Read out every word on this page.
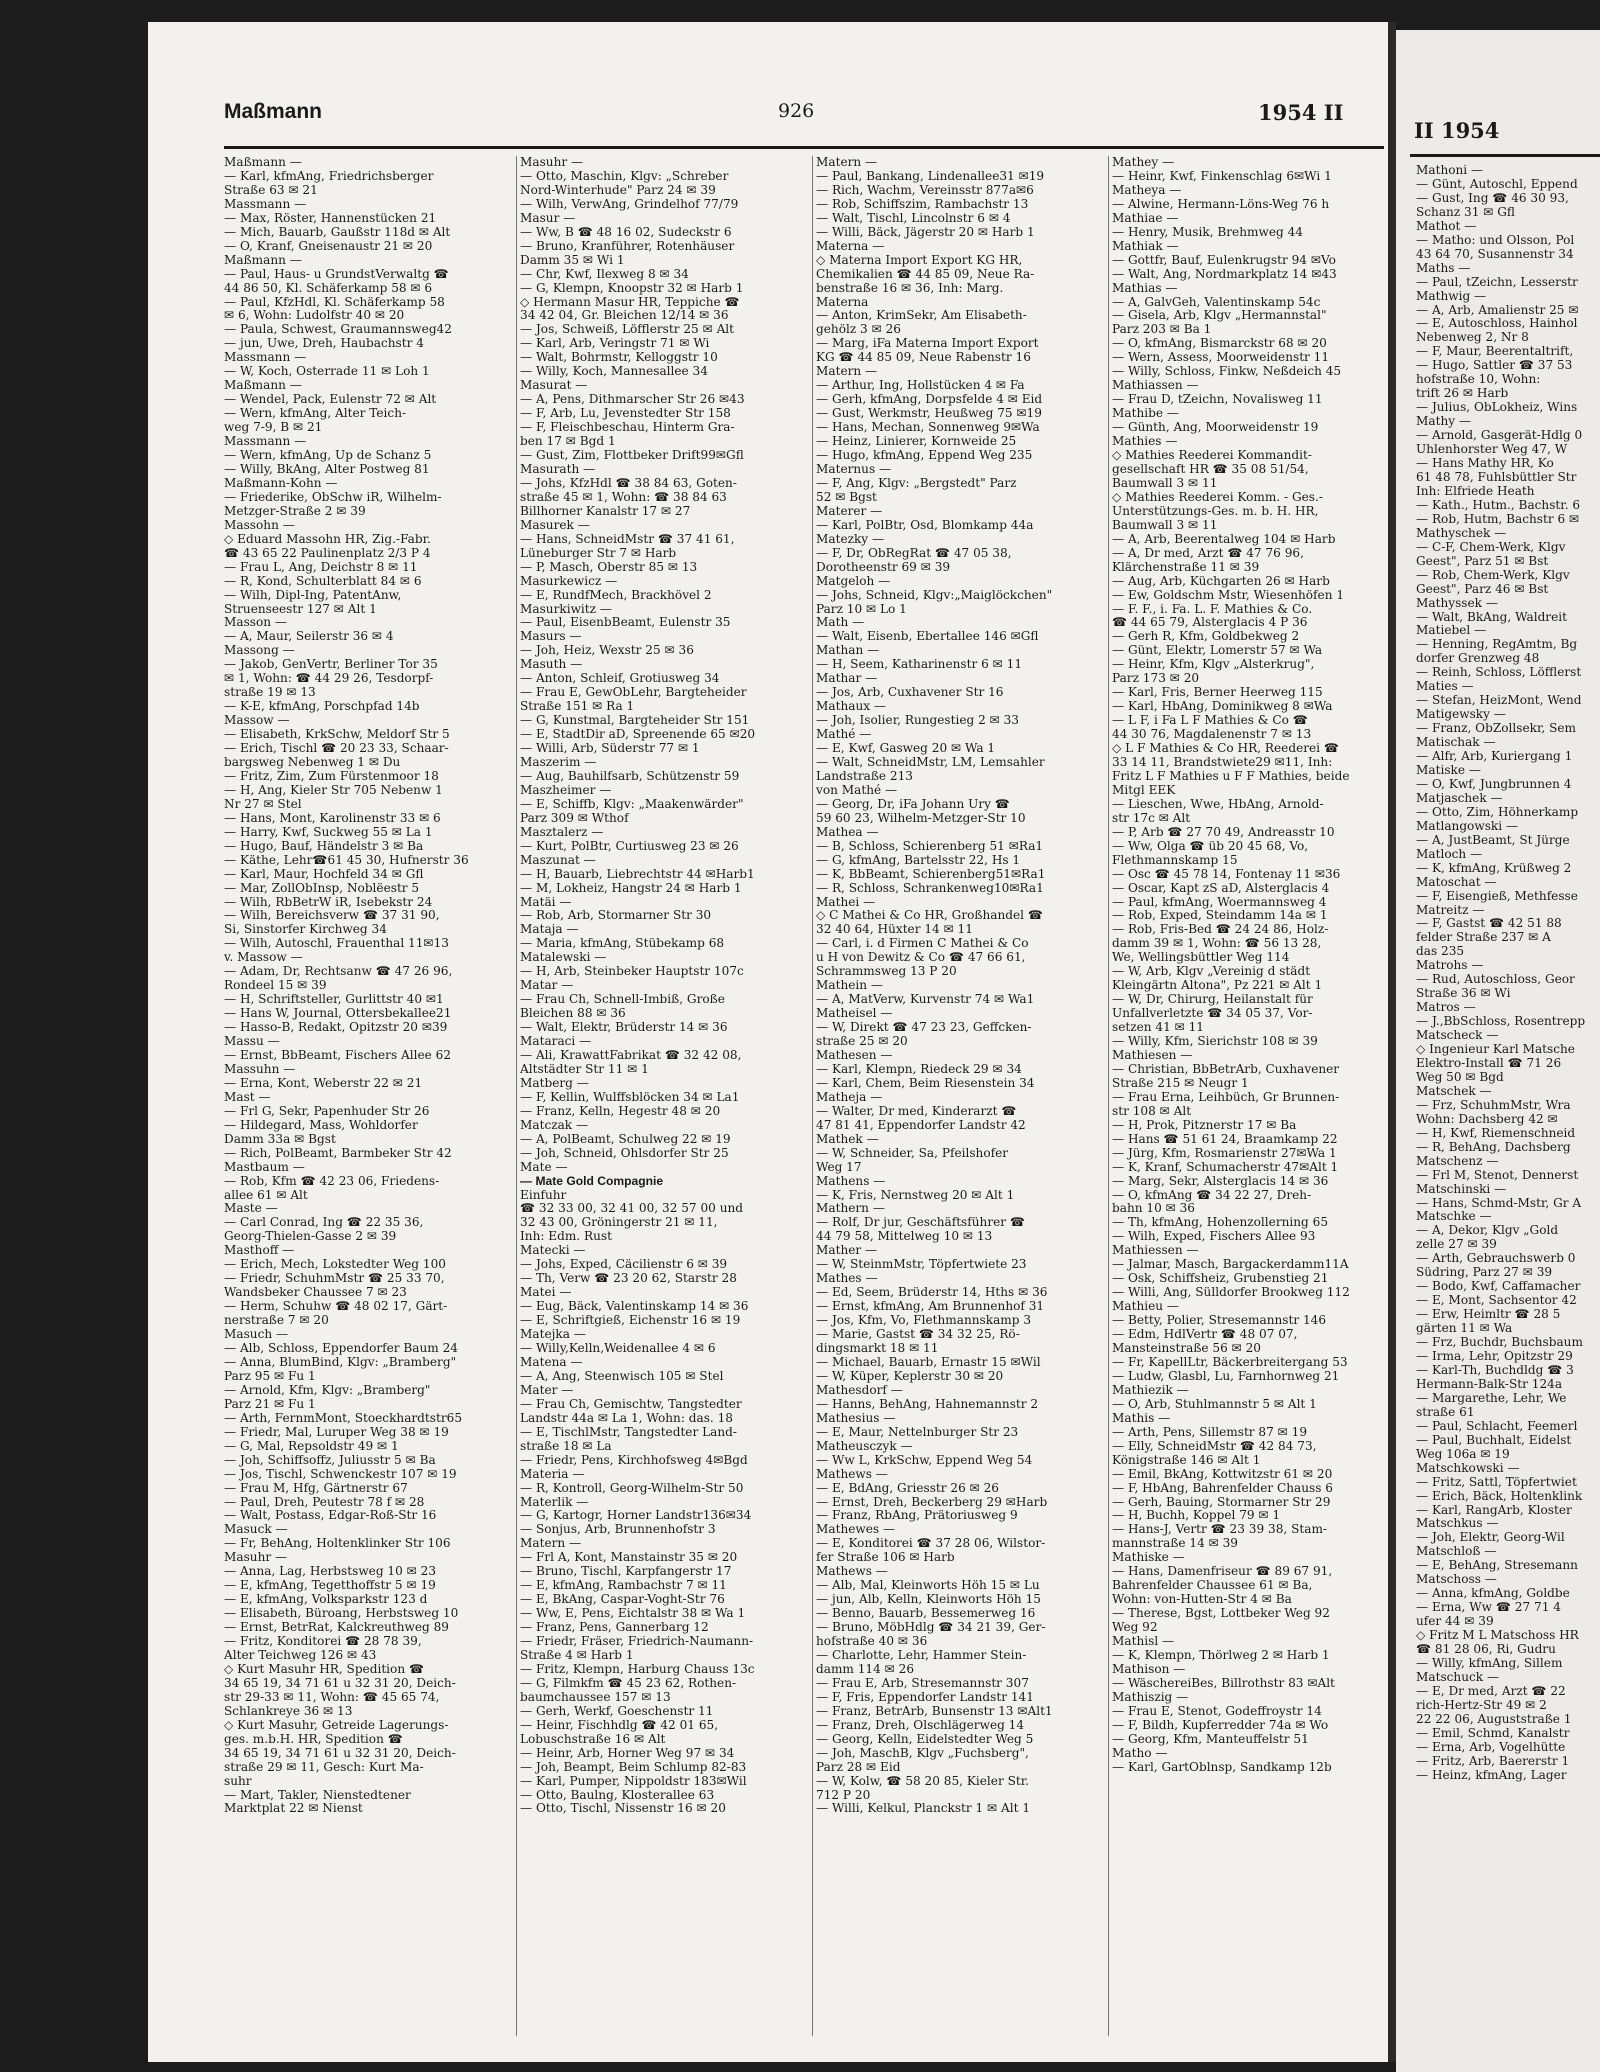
Maßmann	926	1954 II
Maßmann —
— Karl, kfmAng, Friedrichsberger
Straße 63 ✉ 21
Massmann —
— Max, Röster, Hannenstücken 21
— Mich, Bauarb, Gaußstr 118d ✉ Alt
— O, Kranf, Gneisenaustr 21 ✉ 20
Maßmann —
— Paul, Haus- u GrundstVerwaltg ☎
44 86 50, Kl. Schäferkamp 58 ✉ 6
— Paul, KfzHdl, Kl. Schäferkamp 58
✉ 6, Wohn: Ludolfstr 40 ✉ 20
— Paula, Schwest, Graumannsweg42
— jun, Uwe, Dreh, Haubachstr 4
Massmann —
— W, Koch, Osterrade 11 ✉ Loh 1
Maßmann —
— Wendel, Pack, Eulenstr 72 ✉ Alt
— Wern, kfmAng, Alter Teich-
weg 7-9, B ✉ 21
Massmann —
— Wern, kfmAng, Up de Schanz 5
— Willy, BkAng, Alter Postweg 81
Maßmann-Kohn —
— Friederike, ObSchw iR, Wilhelm-
Metzger-Straße 2 ✉ 39
Massohn —
◇ Eduard Massohn HR, Zig.-Fabr.
☎ 43 65 22 Paulinenplatz 2/3 P 4
— Frau L, Ang, Deichstr 8 ✉ 11
— R, Kond, Schulterblatt 84 ✉ 6
— Wilh, Dipl-Ing, PatentAnw,
Struenseestr 127 ✉ Alt 1
Masson —
— A, Maur, Seilerstr 36 ✉ 4
Massong —
— Jakob, GenVertr, Berliner Tor 35
✉ 1, Wohn: ☎ 44 29 26, Tesdorpf-
straße 19 ✉ 13
— K-E, kfmAng, Porschpfad 14b
Massow —
— Elisabeth, KrkSchw, Meldorf Str 5
— Erich, Tischl ☎ 20 23 33, Schaar-
bargsweg Nebenweg 1 ✉ Du
— Fritz, Zim, Zum Fürstenmoor 18
— H, Ang, Kieler Str 705 Nebenw 1
Nr 27 ✉ Stel
— Hans, Mont, Karolinenstr 33 ✉ 6
— Harry, Kwf, Suckweg 55 ✉ La 1
— Hugo, Bauf, Händelstr 3 ✉ Ba
— Käthe, Lehr☎61 45 30, Hufnerstr 36
— Karl, Maur, Hochfeld 34 ✉ Gfl
— Mar, ZollObInsp, Noblëestr 5
— Wilh, RbBetrW iR, Isebekstr 24
— Wilh, Bereichsverw ☎ 37 31 90,
Si, Sinstorfer Kirchweg 34
— Wilh, Autoschl, Frauenthal 11✉13
v. Massow —
— Adam, Dr, Rechtsanw ☎ 47 26 96,
Rondeel 15 ✉ 39
— H, Schriftsteller, Gurlittstr 40 ✉1
— Hans W, Journal, Ottersbekallee21
— Hasso-B, Redakt, Opitzstr 20 ✉39
Massu —
— Ernst, BbBeamt, Fischers Allee 62
Massuhn —
— Erna, Kont, Weberstr 22 ✉ 21
Mast —
— Frl G, Sekr, Papenhuder Str 26
— Hildegard, Mass, Wohldorfer
Damm 33a ✉ Bgst
— Rich, PolBeamt, Barmbeker Str 42
Mastbaum —
— Rob, Kfm ☎ 42 23 06, Friedens-
allee 61 ✉ Alt
Maste —
— Carl Conrad, Ing ☎ 22 35 36,
Georg-Thielen-Gasse 2 ✉ 39
Masthoff —
— Erich, Mech, Lokstedter Weg 100
— Friedr, SchuhmMstr ☎ 25 33 70,
Wandsbeker Chaussee 7 ✉ 23
— Herm, Schuhw ☎ 48 02 17, Gärt-
nerstraße 7 ✉ 20
Masuch —
— Alb, Schloss, Eppendorfer Baum 24
— Anna, BlumBind, Klgv: „Bramberg"
Parz 95 ✉ Fu 1
— Arnold, Kfm, Klgv: „Bramberg"
Parz 21 ✉ Fu 1
— Arth, FernmMont, Stoeckhardtstr65
— Friedr, Mal, Luruper Weg 38 ✉ 19
— G, Mal, Repsoldstr 49 ✉ 1
— Joh, Schiffsoffz, Juliusstr 5 ✉ Ba
— Jos, Tischl, Schwenckestr 107 ✉ 19
— Frau M, Hfg, Gärtnerstr 67
— Paul, Dreh, Peutestr 78 f ✉ 28
— Walt, Postass, Edgar-Roß-Str 16
Masuck —
— Fr, BehAng, Holtenklinker Str 106
Masuhr —
— Anna, Lag, Herbstsweg 10 ✉ 23
— E, kfmAng, Tegetthoffstr 5 ✉ 19
— E, kfmAng, Volksparkstr 123 d
— Elisabeth, Büroang, Herbstsweg 10
— Ernst, BetrRat, Kalckreuthweg 89
— Fritz, Konditorei ☎ 28 78 39,
Alter Teichweg 126 ✉ 43
◇ Kurt Masuhr HR, Spedition ☎
34 65 19, 34 71 61 u 32 31 20, Deich-
str 29-33 ✉ 11, Wohn: ☎ 45 65 74,
Schlankreye 36 ✉ 13
◇ Kurt Masuhr, Getreide Lagerungs-
ges. m.b.H. HR, Spedition ☎
34 65 19, 34 71 61 u 32 31 20, Deich-
straße 29 ✉ 11, Gesch: Kurt Ma-
suhr
— Mart, Takler, Nienstedtener
Marktplat 22 ✉ Nienst
Masuhr —
— Otto, Maschin, Klgv: „Schreber
Nord-Winterhude" Parz 24 ✉ 39
— Wilh, VerwAng, Grindelhof 77/79
Masur —
— Ww, B ☎ 48 16 02, Sudeckstr 6
— Bruno, Kranführer, Rotenhäuser
Damm 35 ✉ Wi 1
— Chr, Kwf, Ilexweg 8 ✉ 34
— G, Klempn, Knoopstr 32 ✉ Harb 1
◇ Hermann Masur HR, Teppiche ☎
34 42 04, Gr. Bleichen 12/14 ✉ 36
— Jos, Schweiß, Löfflerstr 25 ✉ Alt
— Karl, Arb, Veringstr 71 ✉ Wi
— Walt, Bohrmstr, Kelloggstr 10
— Willy, Koch, Mannesallee 34
Masurat —
— A, Pens, Dithmarscher Str 26 ✉43
— F, Arb, Lu, Jevenstedter Str 158
— F, Fleischbeschau, Hinterm Gra-
ben 17 ✉ Bgd 1
— Gust, Zim, Flottbeker Drift99✉Gfl
Masurath —
— Johs, KfzHdl ☎ 38 84 63, Goten-
straße 45 ✉ 1, Wohn: ☎ 38 84 63
Billhorner Kanalstr 17 ✉ 27
Masurek —
— Hans, SchneidMstr ☎ 37 41 61,
Lüneburger Str 7 ✉ Harb
— P, Masch, Oberstr 85 ✉ 13
Masurkewicz —
— E, RundfMech, Brackhövel 2
Masurkiwitz —
— Paul, EisenbBeamt, Eulenstr 35
Masurs —
— Joh, Heiz, Wexstr 25 ✉ 36
Masuth —
— Anton, Schleif, Grotiusweg 34
— Frau E, GewObLehr, Bargteheider
Straße 151 ✉ Ra 1
— G, Kunstmal, Bargteheider Str 151
— E, StadtDir aD, Spreenende 65 ✉20
— Willi, Arb, Süderstr 77 ✉ 1
Maszerim —
— Aug, Bauhilfsarb, Schützenstr 59
Maszheimer —
— E, Schiffb, Klgv: „Maakenwärder"
Parz 309 ✉ Wthof
Masztalerz —
— Kurt, PolBtr, Curtiusweg 23 ✉ 26
Maszunat —
— H, Bauarb, Liebrechtstr 44 ✉Harb1
— M, Lokheiz, Hangstr 24 ✉ Harb 1
Matäi —
— Rob, Arb, Stormarner Str 30
Mataja —
— Maria, kfmAng, Stübekamp 68
Matalewski —
— H, Arb, Steinbeker Hauptstr 107c
Matar —
— Frau Ch, Schnell-Imbiß, Große
Bleichen 88 ✉ 36
— Walt, Elektr, Brüderstr 14 ✉ 36
Mataraci —
— Ali, KrawattFabrikat ☎ 32 42 08,
Altstädter Str 11 ✉ 1
Matberg —
— F, Kellin, Wulffsblöcken 34 ✉ La1
— Franz, Kelln, Hegestr 48 ✉ 20
Matczak —
— A, PolBeamt, Schulweg 22 ✉ 19
— Joh, Schneid, Ohlsdorfer Str 25
Mate —
— Mate Gold Compagnie
Einfuhr
☎ 32 33 00, 32 41 00, 32 57 00 und
32 43 00, Gröningerstr 21 ✉ 11,
Inh: Edm. Rust
Matecki —
— Johs, Exped, Cäcilienstr 6 ✉ 39
— Th, Verw ☎ 23 20 62, Starstr 28
Matei —
— Eug, Bäck, Valentinskamp 14 ✉ 36
— E, Schriftgieß, Eichenstr 16 ✉ 19
Matejka —
— Willy,Kelln,Weidenallee 4 ✉ 6
Matena —
— A, Ang, Steenwisch 105 ✉ Stel
Mater —
— Frau Ch, Gemischtw, Tangstedter
Landstr 44a ✉ La 1, Wohn: das. 18
— E, TischlMstr, Tangstedter Land-
straße 18 ✉ La
— Friedr, Pens, Kirchhofsweg 4✉Bgd
Materia —
— R, Kontroll, Georg-Wilhelm-Str 50
Materlik —
— G, Kartogr, Horner Landstr136✉34
— Sonjus, Arb, Brunnenhofstr 3
Matern —
— Frl A, Kont, Manstainstr 35 ✉ 20
— Bruno, Tischl, Karpfangerstr 17
— E, kfmAng, Rambachstr 7 ✉ 11
— E, BkAng, Caspar-Voght-Str 76
— Ww, E, Pens, Eichtalstr 38 ✉ Wa 1
— Franz, Pens, Gannerbarg 12
— Friedr, Fräser, Friedrich-Naumann-
Straße 4 ✉ Harb 1
— Fritz, Klempn, Harburg Chauss 13c
— G, Filmkfm ☎ 45 23 62, Rothen-
baumchaussee 157 ✉ 13
— Gerh, Werkf, Goeschenstr 11
— Heinr, Fischhdlg ☎ 42 01 65,
Lobuschstraße 16 ✉ Alt
— Heinr, Arb, Horner Weg 97 ✉ 34
— Joh, Beampt, Beim Schlump 82-83
— Karl, Pumper, Nippoldstr 183✉Wil
— Otto, Baulng, Klosterallee 63
— Otto, Tischl, Nissenstr 16 ✉ 20
Matern —
— Paul, Bankang, Lindenallee31 ✉19
— Rich, Wachm, Vereinsstr 877a✉6
— Rob, Schiffszim, Rambachstr 13
— Walt, Tischl, Lincolnstr 6 ✉ 4
— Willi, Bäck, Jägerstr 20 ✉ Harb 1
Materna —
◇ Materna Import Export KG HR,
Chemikalien ☎ 44 85 09, Neue Ra-
benstraße 16 ✉ 36, Inh: Marg.
Materna
— Anton, KrimSekr, Am Elisabeth-
gehölz 3 ✉ 26
— Marg, iFa Materna Import Export
KG ☎ 44 85 09, Neue Rabenstr 16
Matern —
— Arthur, Ing, Hollstücken 4 ✉ Fa
— Gerh, kfmAng, Dorpsfelde 4 ✉ Eid
— Gust, Werkmstr, Heußweg 75 ✉19
— Hans, Mechan, Sonnenweg 9✉Wa
— Heinz, Linierer, Kornweide 25
— Hugo, kfmAng, Eppend Weg 235
Maternus —
— F, Ang, Klgv: „Bergstedt" Parz
52 ✉ Bgst
Materer —
— Karl, PolBtr, Osd, Blomkamp 44a
Matezky —
— F, Dr, ObRegRat ☎ 47 05 38,
Dorotheenstr 69 ✉ 39
Matgeloh —
— Johs, Schneid, Klgv:„Maiglöckchen"
Parz 10 ✉ Lo 1
Math —
— Walt, Eisenb, Ebertallee 146 ✉Gfl
Mathan —
— H, Seem, Katharinenstr 6 ✉ 11
Mathar —
— Jos, Arb, Cuxhavener Str 16
Mathaux —
— Joh, Isolier, Rungestieg 2 ✉ 33
Mathé —
— E, Kwf, Gasweg 20 ✉ Wa 1
— Walt, SchneidMstr, LM, Lemsahler
Landstraße 213
von Mathé —
— Georg, Dr, iFa Johann Ury ☎
59 60 23, Wilhelm-Metzger-Str 10
Mathea —
— B, Schloss, Schierenberg 51 ✉Ra1
— G, kfmAng, Bartelsstr 22, Hs 1
— K, BbBeamt, Schierenberg51✉Ra1
— R, Schloss, Schrankenweg10✉Ra1
Mathei —
◇ C Mathei & Co HR, Großhandel ☎
32 40 64, Hüxter 14 ✉ 11
— Carl, i. d Firmen C Mathei & Co
u H von Dewitz & Co ☎ 47 66 61,
Schrammsweg 13 P 20
Mathein —
— A, MatVerw, Kurvenstr 74 ✉ Wa1
Matheisel —
— W, Direkt ☎ 47 23 23, Geffcken-
straße 25 ✉ 20
Mathesen —
— Karl, Klempn, Riedeck 29 ✉ 34
— Karl, Chem, Beim Riesenstein 34
Matheja —
— Walter, Dr med, Kinderarzt ☎
47 81 41, Eppendorfer Landstr 42
Mathek —
— W, Schneider, Sa, Pfeilshofer
Weg 17
Mathens —
— K, Fris, Nernstweg 20 ✉ Alt 1
Mathern —
— Rolf, Dr jur, Geschäftsführer ☎
44 79 58, Mittelweg 10 ✉ 13
Mather —
— W, SteinmMstr, Töpfertwiete 23
Mathes —
— Ed, Seem, Brüderstr 14, Hths ✉ 36
— Ernst, kfmAng, Am Brunnenhof 31
— Jos, Kfm, Vo, Flethmannskamp 3
— Marie, Gastst ☎ 34 32 25, Rö-
dingsmarkt 18 ✉ 11
— Michael, Bauarb, Ernastr 15 ✉Wil
— W, Küper, Keplerstr 30 ✉ 20
Mathesdorf —
— Hanns, BehAng, Hahnemannstr 2
Mathesius —
— E, Maur, Nettelnburger Str 23
Matheusczyk —
— Ww L, KrkSchw, Eppend Weg 54
Mathews —
— E, BdAng, Griesstr 26 ✉ 26
— Ernst, Dreh, Beckerberg 29 ✉Harb
— Franz, RbAng, Prätoriusweg 9
Mathewes —
— E, Konditorei ☎ 37 28 06, Wilstor-
fer Straße 106 ✉ Harb
Mathews —
— Alb, Mal, Kleinworts Höh 15 ✉ Lu
— jun, Alb, Kelln, Kleinworts Höh 15
— Benno, Bauarb, Bessemerweg 16
— Bruno, MöbHdlg ☎ 34 21 39, Ger-
hofstraße 40 ✉ 36
— Charlotte, Lehr, Hammer Stein-
damm 114 ✉ 26
— Frau E, Arb, Stresemannstr 307
— F, Fris, Eppendorfer Landstr 141
— Franz, BetrArb, Bunsenstr 13 ✉Alt1
— Franz, Dreh, Olschlägerweg 14
— Georg, Kelln, Eidelstedter Weg 5
— Joh, MaschB, Klgv „Fuchsberg",
Parz 28 ✉ Eid
— W, Kolw, ☎ 58 20 85, Kieler Str.
712 P 20
— Willi, Kelkul, Planckstr 1 ✉ Alt 1
Mathey —
— Heinr, Kwf, Finkenschlag 6✉Wi 1
Matheya —
— Alwine, Hermann-Löns-Weg 76 h
Mathiae —
— Henry, Musik, Brehmweg 44
Mathiak —
— Gottfr, Bauf, Eulenkrugstr 94 ✉Vo
— Walt, Ang, Nordmarkplatz 14 ✉43
Mathias —
— A, GalvGeh, Valentinskamp 54c
— Gisela, Arb, Klgv „Hermannstal"
Parz 203 ✉ Ba 1
— O, kfmAng, Bismarckstr 68 ✉ 20
— Wern, Assess, Moorweidenstr 11
— Willy, Schloss, Finkw, Neßdeich 45
Mathiassen —
— Frau D, tZeichn, Novalisweg 11
Mathibe —
— Günth, Ang, Moorweidenstr 19
Mathies —
◇ Mathies Reederei Kommandit-
gesellschaft HR ☎ 35 08 51/54,
Baumwall 3 ✉ 11
◇ Mathies Reederei Komm. - Ges.-
Unterstützungs-Ges. m. b. H. HR,
Baumwall 3 ✉ 11
— A, Arb, Beerentalweg 104 ✉ Harb
— A, Dr med, Arzt ☎ 47 76 96,
Klärchenstraße 11 ✉ 39
— Aug, Arb, Küchgarten 26 ✉ Harb
— Ew, Goldschm Mstr, Wiesenhöfen 1
— F. F., i. Fa. L. F. Mathies & Co.
☎ 44 65 79, Alsterglacis 4 P 36
— Gerh R, Kfm, Goldbekweg 2
— Günt, Elektr, Lomerstr 57 ✉ Wa
— Heinr, Kfm, Klgv „Alsterkrug",
Parz 173 ✉ 20
— Karl, Fris, Berner Heerweg 115
— Karl, HbAng, Dominikweg 8 ✉Wa
— L F, i Fa L F Mathies & Co ☎
44 30 76, Magdalenenstr 7 ✉ 13
◇ L F Mathies & Co HR, Reederei ☎
33 14 11, Brandstwiete29 ✉11, Inh:
Fritz L F Mathies u F F Mathies, beide
Mitgl EEK
— Lieschen, Wwe, HbAng, Arnold-
str 17c ✉ Alt
— P, Arb ☎ 27 70 49, Andreasstr 10
— Ww, Olga ☎ üb 20 45 68, Vo,
Flethmannskamp 15
— Osc ☎ 45 78 14, Fontenay 11 ✉36
— Oscar, Kapt zS aD, Alsterglacis 4
— Paul, kfmAng, Woermannsweg 4
— Rob, Exped, Steindamm 14a ✉ 1
— Rob, Fris-Bed ☎ 24 24 86, Holz-
damm 39 ✉ 1, Wohn: ☎ 56 13 28,
We, Wellingsbüttler Weg 114
— W, Arb, Klgv „Vereinig d städt
Kleingärtn Altona", Pz 221 ✉ Alt 1
— W, Dr, Chirurg, Heilanstalt für
Unfallverletzte ☎ 34 05 37, Vor-
setzen 41 ✉ 11
— Willy, Kfm, Sierichstr 108 ✉ 39
Mathiesen —
— Christian, BbBetrArb, Cuxhavener
Straße 215 ✉ Neugr 1
— Frau Erna, Leihbüch, Gr Brunnen-
str 108 ✉ Alt
— H, Prok, Pitznerstr 17 ✉ Ba
— Hans ☎ 51 61 24, Braamkamp 22
— Jürg, Kfm, Rosmarienstr 27✉Wa 1
— K, Kranf, Schumacherstr 47✉Alt 1
— Marg, Sekr, Alsterglacis 14 ✉ 36
— O, kfmAng ☎ 34 22 27, Dreh-
bahn 10 ✉ 36
— Th, kfmAng, Hohenzollerning 65
— Wilh, Exped, Fischers Allee 93
Mathiessen —
— Jalmar, Masch, Bargackerdamm11A
— Osk, Schiffsheiz, Grubenstieg 21
— Willi, Ang, Sülldorfer Brookweg 112
Mathieu —
— Betty, Polier, Stresemannstr 146
— Edm, HdlVertr ☎ 48 07 07,
Mansteinstraße 56 ✉ 20
— Fr, KapellLtr, Bäckerbreitergang 53
— Ludw, Glasbl, Lu, Farnhornweg 21
Mathiezik —
— O, Arb, Stuhlmannstr 5 ✉ Alt 1
Mathis —
— Arth, Pens, Sillemstr 87 ✉ 19
— Elly, SchneidMstr ☎ 42 84 73,
Königstraße 146 ✉ Alt 1
— Emil, BkAng, Kottwitzstr 61 ✉ 20
— F, HbAng, Bahrenfelder Chauss 6
— Gerh, Bauing, Stormarner Str 29
— H, Buchh, Koppel 79 ✉ 1
— Hans-J, Vertr ☎ 23 39 38, Stam-
mannstraße 14 ✉ 39
Mathiske —
— Hans, Damenfriseur ☎ 89 67 91,
Bahrenfelder Chaussee 61 ✉ Ba,
Wohn: von-Hutten-Str 4 ✉ Ba
— Therese, Bgst, Lottbeker Weg 92
Weg 92
Mathisl —
— K, Klempn, Thörlweg 2 ✉ Harb 1
Mathison —
— WäschereiBes, Billrothstr 83 ✉Alt
Mathiszig —
— Frau E, Stenot, Godeffroystr 14
— F, Bildh, Kupferredder 74a ✉ Wo
— Georg, Kfm, Manteuffelstr 51
Matho —
— Karl, GartOblnsp, Sandkamp 12b
II 1954
Mathoni —
— Günt, Autoschl, Eppend
— Gust, Ing ☎ 46 30 93,
Schanz 31 ✉ Gfl
Mathot —
— Matho: und Olsson, Pol
43 64 70, Susannenstr 34
Maths —
— Paul, tZeichn, Lesserstr
Mathwig —
— A, Arb, Amalienstr 25 ✉
— E, Autoschloss, Hainhol
Nebenweg 2, Nr 8
— F, Maur, Beerentaltrift,
— Hugo, Sattler ☎ 37 53
hofstraße 10, Wohn:
trift 26 ✉ Harb
— Julius, ObLokheiz, Wins
Mathy —
— Arnold, Gasgerät-Hdlg 0
Uhlenhorster Weg 47, W
— Hans Mathy HR, Ko
61 48 78, Fuhlsbüttler Str
Inh: Elfriede Heath
— Kath., Hutm., Bachstr. 6
— Rob, Hutm, Bachstr 6 ✉
Mathyschek —
— C-F, Chem-Werk, Klgv
Geest", Parz 51 ✉ Bst
— Rob, Chem-Werk, Klgv
Geest", Parz 46 ✉ Bst
Mathyssek —
— Walt, BkAng, Waldreit
Matiebel —
— Henning, RegAmtm, Bg
dorfer Grenzweg 48
— Reinh, Schloss, Löfflerst
Maties —
— Stefan, HeizMont, Wend
Matigewsky —
— Franz, ObZollsekr, Sem
Matischak —
— Alfr, Arb, Kuriergang 1
Matiske —
— O, Kwf, Jungbrunnen 4
Matjaschek —
— Otto, Zim, Höhnerkamp
Matlangowski —
— A, JustBeamt, St Jürge
Matloch —
— K, kfmAng, Krüßweg 2
Matoschat —
— F, Eisengieß, Methfesse
Matreitz —
— F, Gastst ☎ 42 51 88
felder Straße 237 ✉ A
das 235
Matrohs —
— Rud, Autoschloss, Geor
Straße 36 ✉ Wi
Matros —
— J.,BbSchloss, Rosentrepp
Matscheck —
◇ Ingenieur Karl Matsche
Elektro-Install ☎ 71 26
Weg 50 ✉ Bgd
Matschek —
— Frz, SchuhmMstr, Wra
Wohn: Dachsberg 42 ✉
— H, Kwf, Riemenschneid
— R, BehAng, Dachsberg
Matschenz —
— Frl M, Stenot, Dennerst
Matschinski —
— Hans, Schmd-Mstr, Gr A
Matschke —
— A, Dekor, Klgv „Gold
zelle 27 ✉ 39
— Arth, Gebrauchswerb 0
Südring, Parz 27 ✉ 39
— Bodo, Kwf, Caffamacher
— E, Mont, Sachsentor 42
— Erw, Heimltr ☎ 28 5
gärten 11 ✉ Wa
— Frz, Buchdr, Buchsbaum
— Irma, Lehr, Opitzstr 29
— Karl-Th, Buchdldg ☎ 3
Hermann-Balk-Str 124a
— Margarethe, Lehr, We
straße 61
— Paul, Schlacht, Feemerl
— Paul, Buchhalt, Eidelst
Weg 106a ✉ 19
Matschkowski —
— Fritz, Sattl, Töpfertwiet
— Erich, Bäck, Holtenklink
— Karl, RangArb, Kloster
Matschkus —
— Joh, Elektr, Georg-Wil
Matschloß —
— E, BehAng, Stresemann
Matschoss —
— Anna, kfmAng, Goldbe
— Erna, Ww ☎ 27 71 4
ufer 44 ✉ 39
◇ Fritz M L Matschoss HR
☎ 81 28 06, Ri, Gudru
— Willy, kfmAng, Sillem
Matschuck —
— E, Dr med, Arzt ☎ 22
rich-Hertz-Str 49 ✉ 2
22 22 06, Auguststraße 1
— Emil, Schmd, Kanalstr
— Erna, Arb, Vogelhütte
— Fritz, Arb, Baererstr 1
— Heinz, kfmAng, Lager
